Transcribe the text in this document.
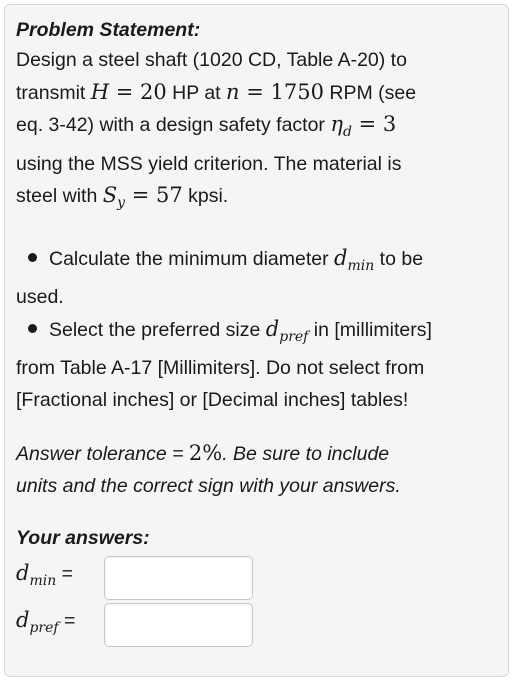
Problem Statement:

Design a steel shaft (1020 CD, Table A-20) to

transmit H = 20 HP at n = 1750 RPM (see

eq. 3-42) with a design safety factor $\eta_d = 3$

using the MSS yield criterion. The material is

steel with $S_y = 57$ kpsi.

Calculate the minimum diameter $d_{min}$ to be

used.

Select the preferred size $d_{pref}$ in [millimiters]

from Table A-17 [Millimiters]. Do not select from

[Fractional inches] or [Decimal inches] tables!

Answer tolerance = 2%. Be sure to include

units and the correct sign with your answers.

Your answers:

$d_{min}$ =
$d_{pref}$ =
